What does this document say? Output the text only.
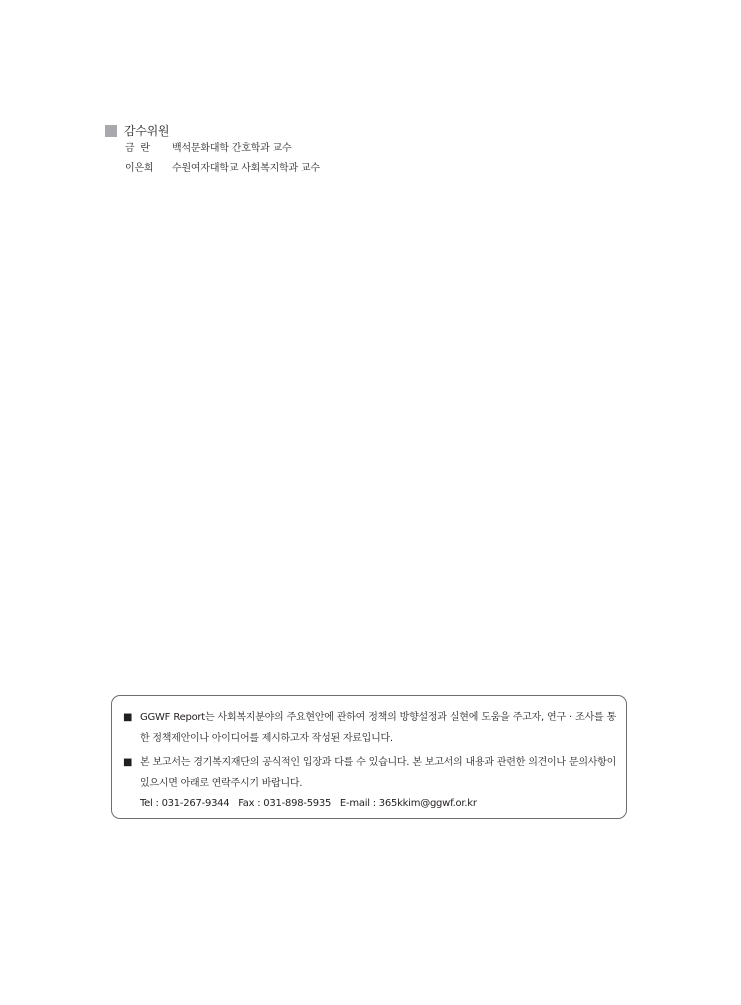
감수위원
금  란	백석문화대학 간호학과 교수
이은희	수원여자대학교 사회복지학과 교수
■ GGWF Report는 사회복지분야의 주요현안에 관하여 정책의 방향설정과 실현에 도움을 주고자, 연구 · 조사를 통한 정책제안이나 아이디어를 제시하고자 작성된 자료입니다.
■ 본 보고서는 경기복지재단의 공식적인 입장과 다를 수 있습니다. 본 보고서의 내용과 관련한 의견이나 문의사항이 있으시면 아래로 연락주시기 바랍니다.
Tel : 031-267-9344   Fax : 031-898-5935   E-mail : 365kkim@ggwf.or.kr
